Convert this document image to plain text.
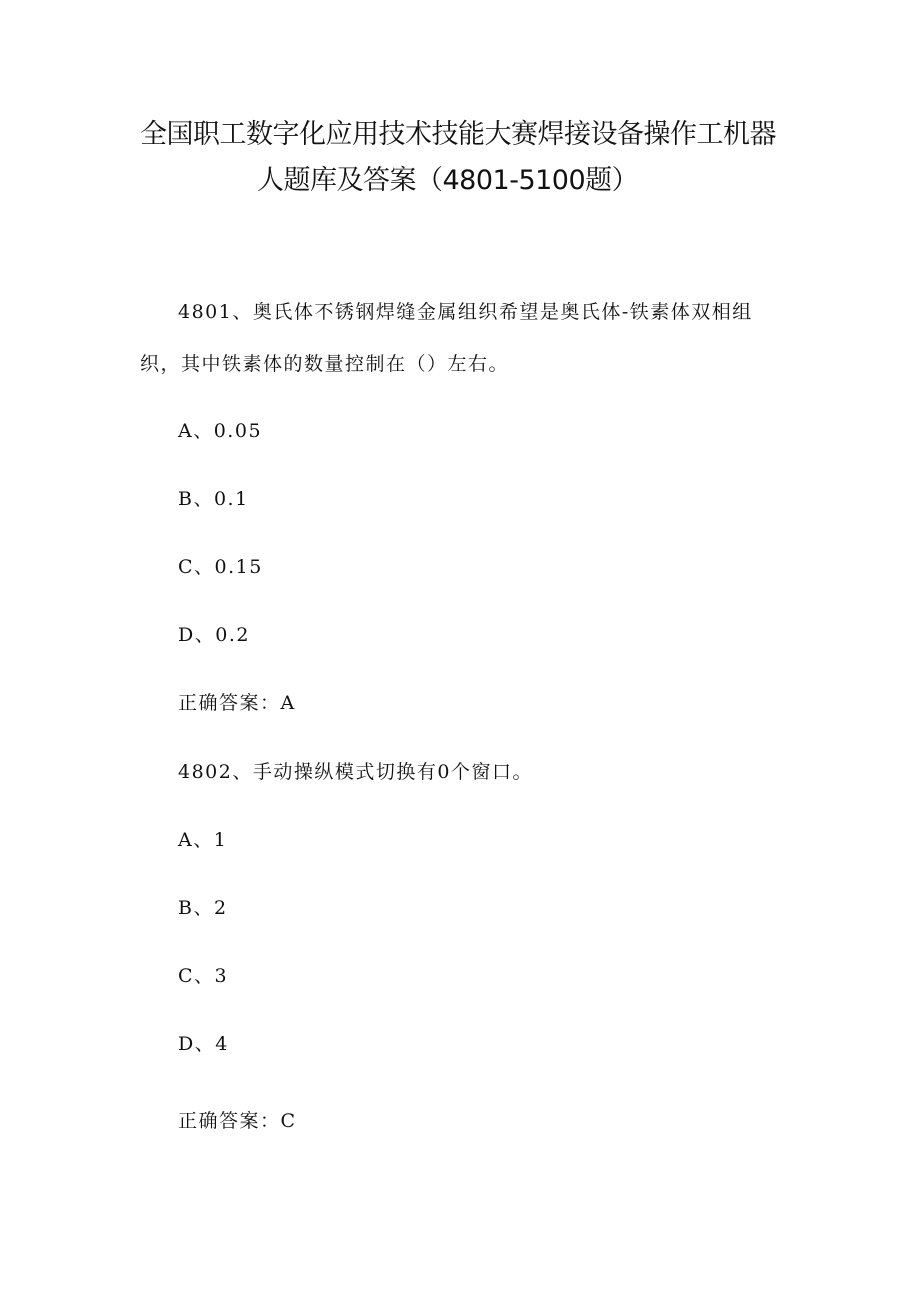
全国职工数字化应用技术技能大赛焊接设备操作工机器
人题库及答案（4801-5100题）

4801、奥氏体不锈钢焊缝金属组织希望是奥氏体-铁素体双相组织，其中铁素体的数量控制在（）左右。

A、0.05
B、0.1
C、0.15
D、0.2
正确答案：A

4802、手动操纵模式切换有0个窗口。

A、1
B、2
C、3
D、4
正确答案：C
